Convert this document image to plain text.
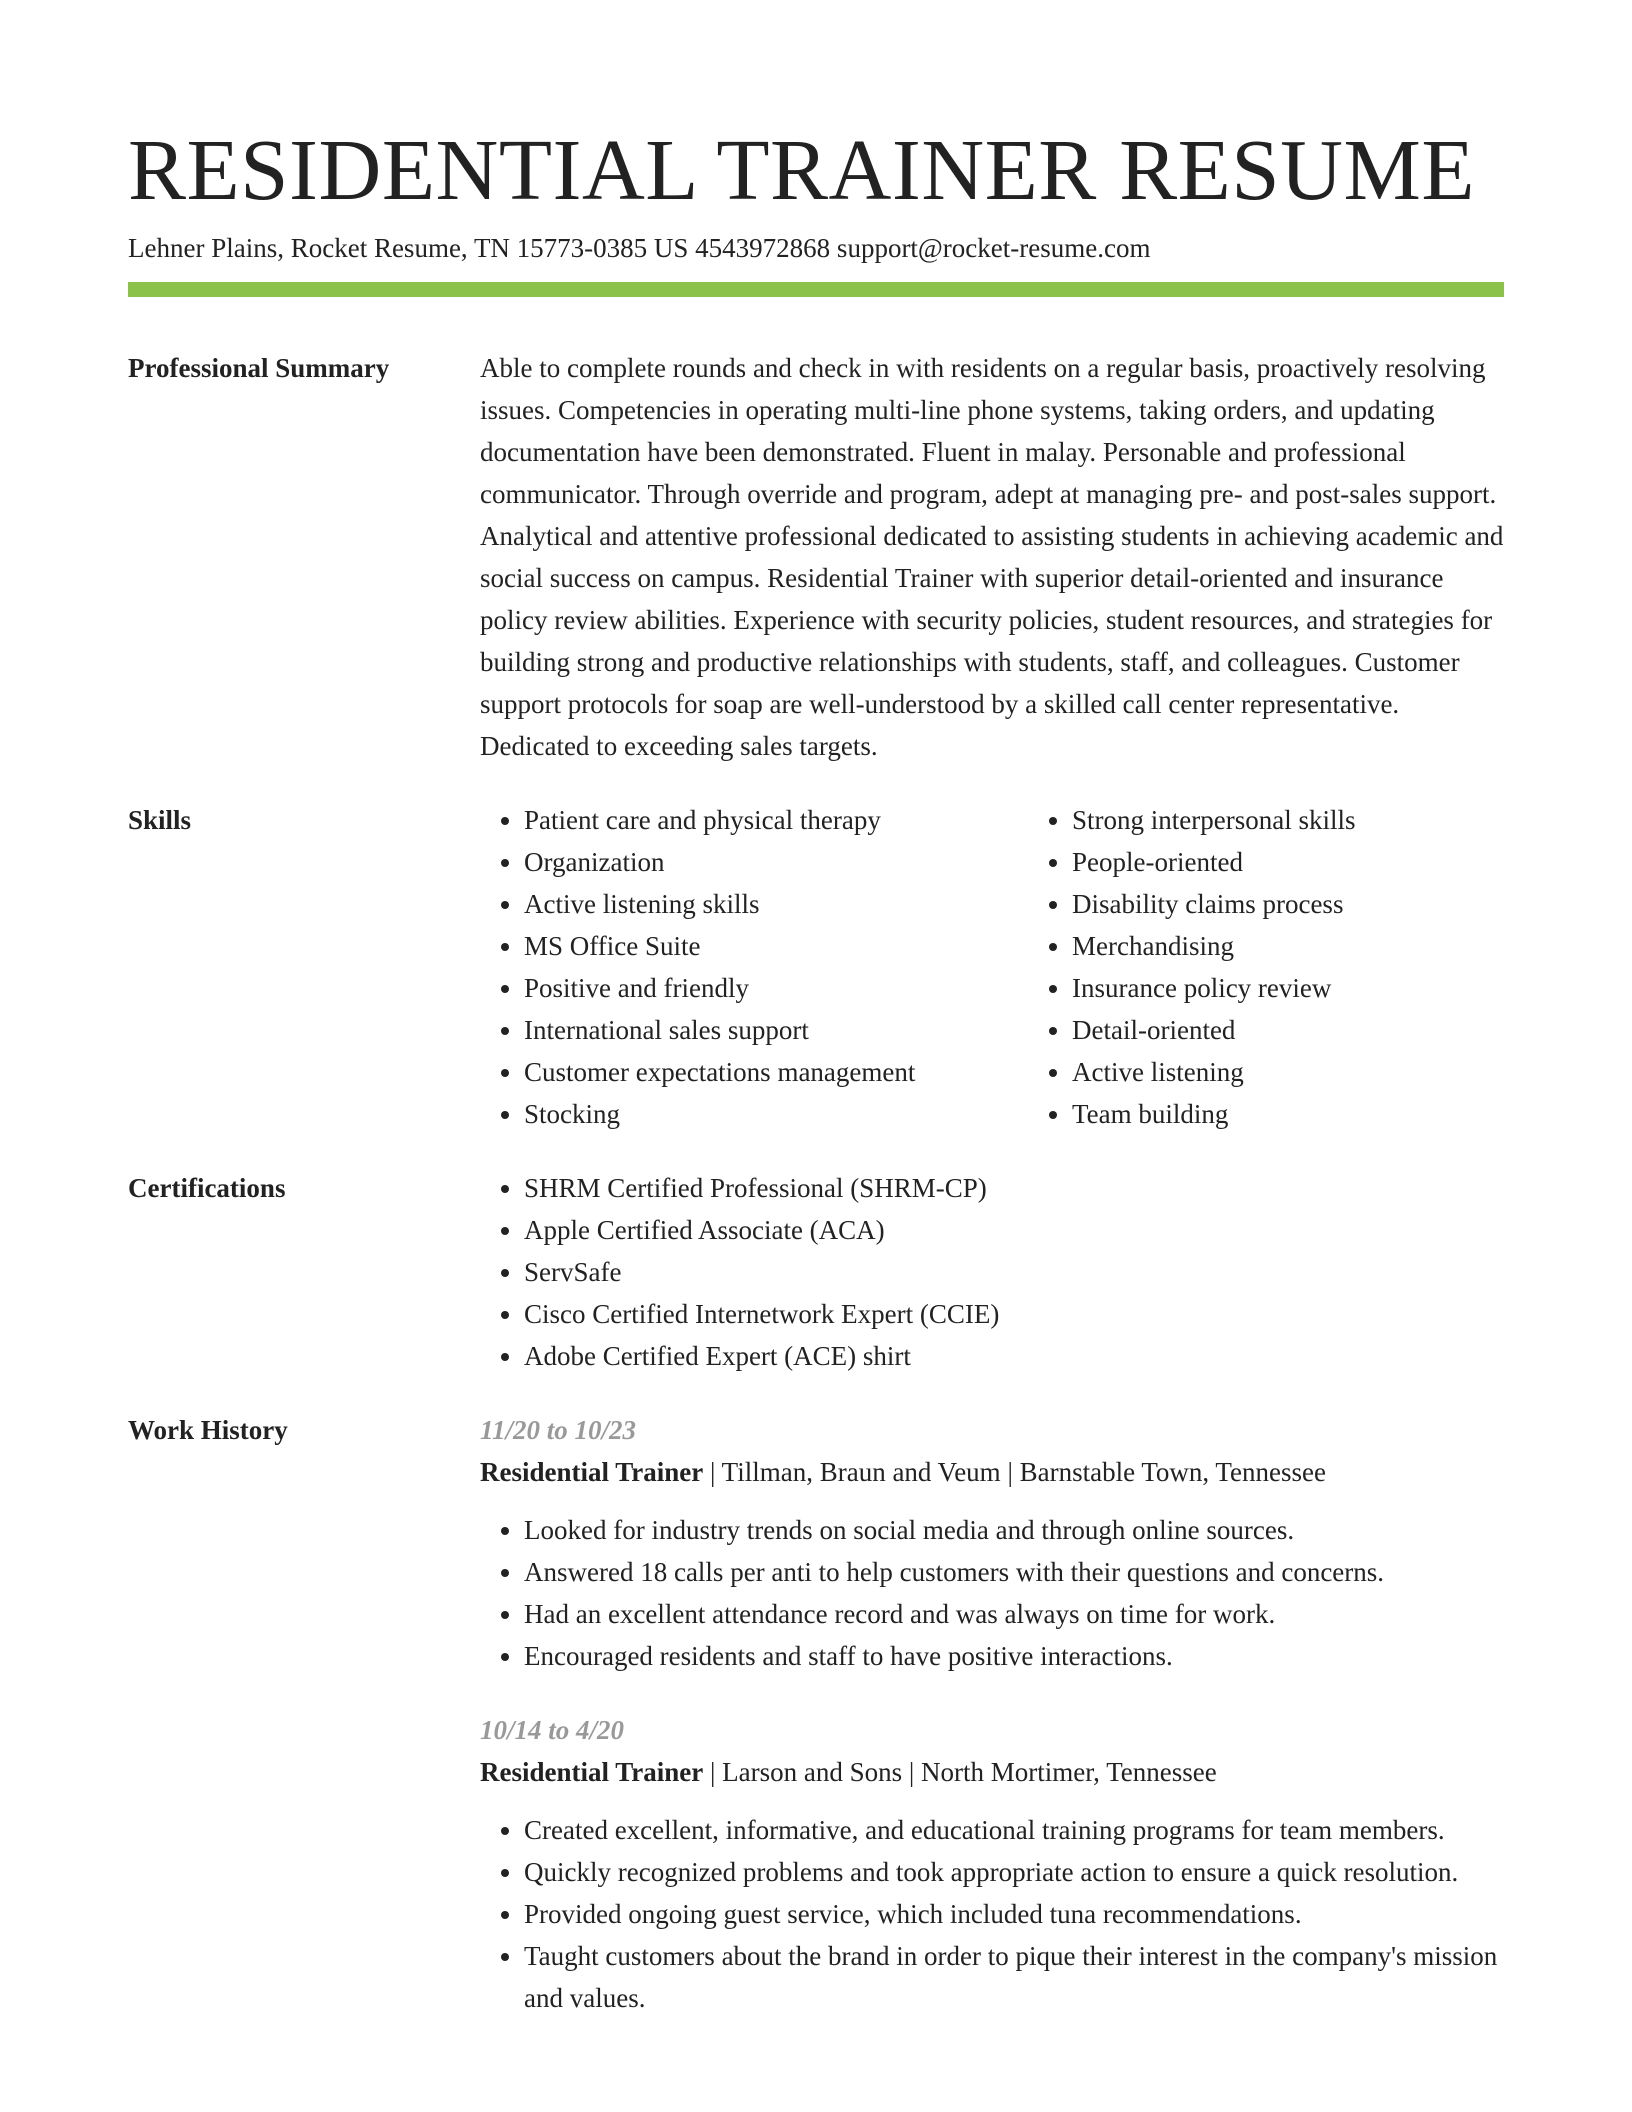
RESIDENTIAL TRAINER RESUME
Lehner Plains, Rocket Resume, TN 15773-0385 US 4543972868 support@rocket-resume.com
Professional Summary	Able to complete rounds and check in with residents on a regular basis, proactively resolving issues. Competencies in operating multi-line phone systems, taking orders, and updating documentation have been demonstrated. Fluent in malay. Personable and professional communicator. Through override and program, adept at managing pre- and post-sales support. Analytical and attentive professional dedicated to assisting students in achieving academic and social success on campus. Residential Trainer with superior detail-oriented and insurance policy review abilities. Experience with security policies, student resources, and strategies for building strong and productive relationships with students, staff, and colleagues. Customer support protocols for soap are well-understood by a skilled call center representative. Dedicated to exceeding sales targets.

Skills	• Patient care and physical therapy
• Organization
• Active listening skills
• MS Office Suite
• Positive and friendly
• International sales support
• Customer expectations management
• Stocking
• Strong interpersonal skills
• People-oriented
• Disability claims process
• Merchandising
• Insurance policy review
• Detail-oriented
• Active listening
• Team building
Certifications	• SHRM Certified Professional (SHRM-CP)
• Apple Certified Associate (ACA)
• ServSafe
• Cisco Certified Internetwork Expert (CCIE)
• Adobe Certified Expert (ACE) shirt
Work History	11/20 to 10/23
Residential Trainer | Tillman, Braun and Veum | Barnstable Town, Tennessee
• Looked for industry trends on social media and through online sources.
• Answered 18 calls per anti to help customers with their questions and concerns.
• Had an excellent attendance record and was always on time for work.
• Encouraged residents and staff to have positive interactions.
10/14 to 4/20
Residential Trainer | Larson and Sons | North Mortimer, Tennessee
• Created excellent, informative, and educational training programs for team members.
• Quickly recognized problems and took appropriate action to ensure a quick resolution.
• Provided ongoing guest service, which included tuna recommendations.
• Taught customers about the brand in order to pique their interest in the company's mission and values.
